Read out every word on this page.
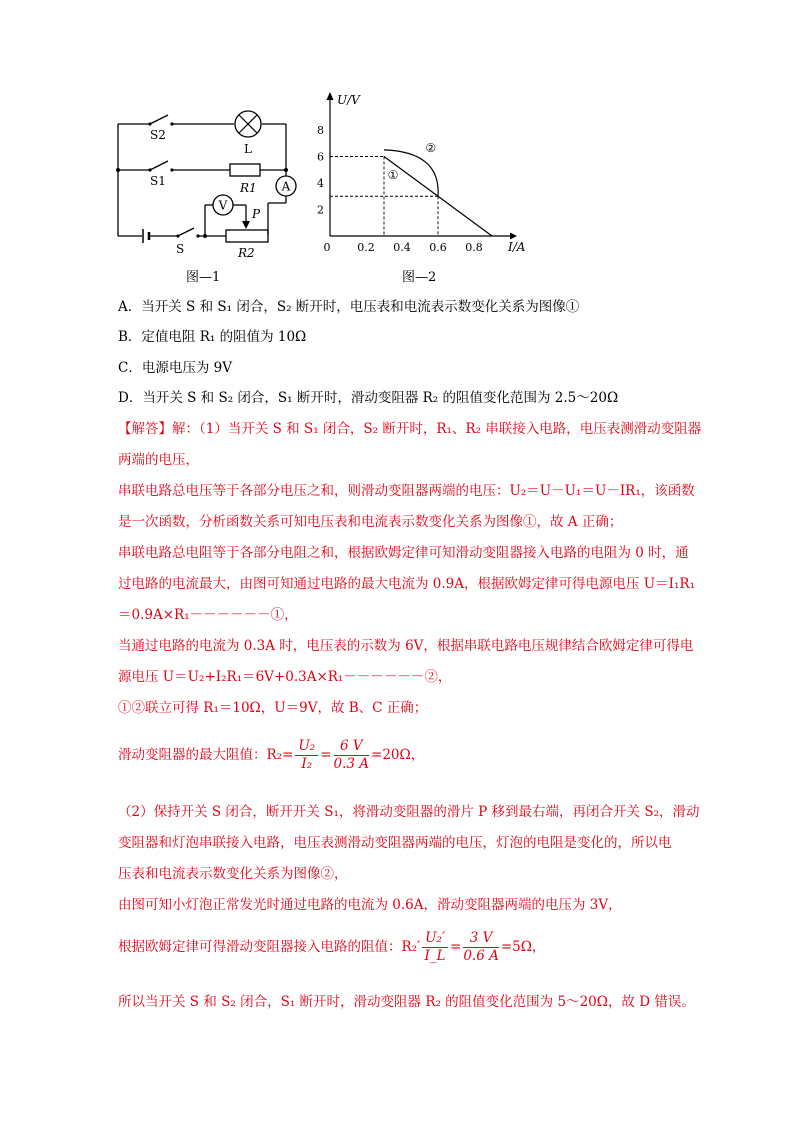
A
V
S2
S1
S
L
R1
P
R2
图—1
U/V
I/A
0
2
4
6
8
0.2 0.4 0.6 0.8
①
②
图—2
A．当开关 S 和 S₁ 闭合，S₂ 断开时，电压表和电流表示数变化关系为图像①
B．定值电阻 R₁ 的阻值为 10Ω
C．电源电压为 9V
D．当开关 S 和 S₂ 闭合，S₁ 断开时，滑动变阻器 R₂ 的阻值变化范围为 2.5～20Ω
【解答】解：（1）当开关 S 和 S₁ 闭合，S₂ 断开时，R₁、R₂ 串联接入电路，电压表测滑动变阻器
两端的电压，
串联电路总电压等于各部分电压之和，则滑动变阻器两端的电压：U₂＝U－U₁＝U－IR₁，该函数
是一次函数，分析函数关系可知电压表和电流表示数变化关系为图像①，故 A 正确；
串联电路总电阻等于各部分电阻之和，根据欧姆定律可知滑动变阻器接入电路的电阻为 0 时，通
过电路的电流最大，由图可知通过电路的最大电流为 0.9A，根据欧姆定律可得电源电压 U＝I₁R₁
＝0.9A×R₁－－－－－－①，
当通过电路的电流为 0.3A 时，电压表的示数为 6V，根据串联电路电压规律结合欧姆定律可得电
源电压 U＝U₂+I₂R₁＝6V+0.3A×R₁－－－－－－②，
①②联立可得 R₁＝10Ω，U＝9V，故 B、C 正确；
滑动变阻器的最大阻值：$R_2= \frac{\text{U₂}}{\text{I₂}} = \frac{6 V}{0.3 A} =20\Omega$，
（2）保持开关 S 闭合，断开开关 S₁，将滑动变阻器的滑片 P 移到最右端，再闭合开关 S₂，滑动
变阻器和灯泡串联接入电路，电压表测滑动变阻器两端的电压，灯泡的电阻是变化的，所以电
压表和电流表示数变化关系为图像②，
由图可知小灯泡正常发光时通过电路的电流为 0.6A，滑动变阻器两端的电压为 3V，
根据欧姆定律可得滑动变阻器接入电路的阻值：$R_2' \frac{\text{U₂′}}{I\_L} = \frac{3 V}{0.6 A} =5\Omega$，
所以当开关 S 和 S₂ 闭合，S₁ 断开时，滑动变阻器 R₂ 的阻值变化范围为 5～20Ω，故 D 错误。
